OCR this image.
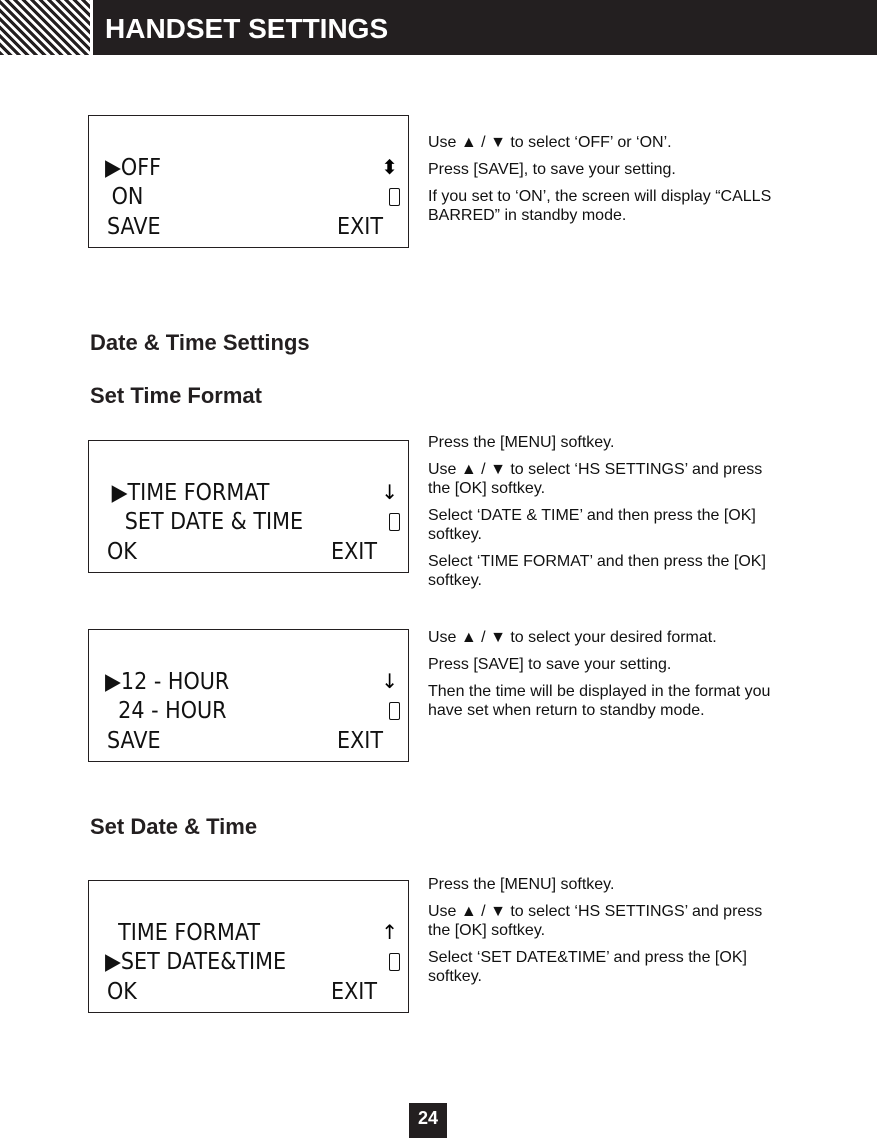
HANDSET SETTINGS
Date & Time Settings
Set Time Format
Set Date & Time
▶OFF
ON
SAVE	EXIT
⬍
▶TIME FORMAT
SET DATE & TIME
OK	EXIT
↓
▶12 - HOUR
24 - HOUR
SAVE	EXIT
↓
TIME FORMAT
▶SET DATE&TIME
OK	EXIT
↑
Use ▲ / ▼ to select ‘OFF’ or ‘ON’.
Press [SAVE], to save your setting.
If you set to ‘ON’, the screen will display “CALLS BARRED” in standby mode.
Press the [MENU] softkey.
Use ▲ / ▼ to select ‘HS SETTINGS’ and press the [OK] softkey.
Select ‘DATE & TIME’ and then press the [OK] softkey.
Select ‘TIME FORMAT’ and then press the [OK] softkey.
Use ▲ / ▼ to select your desired format.
Press [SAVE] to save your setting.
Then the time will be displayed in the format you have set when return to standby mode.
Press the [MENU] softkey.
Use ▲ / ▼ to select ‘HS SETTINGS’ and press the [OK] softkey.
Select ‘SET DATE&TIME’ and press the [OK] softkey.
24
